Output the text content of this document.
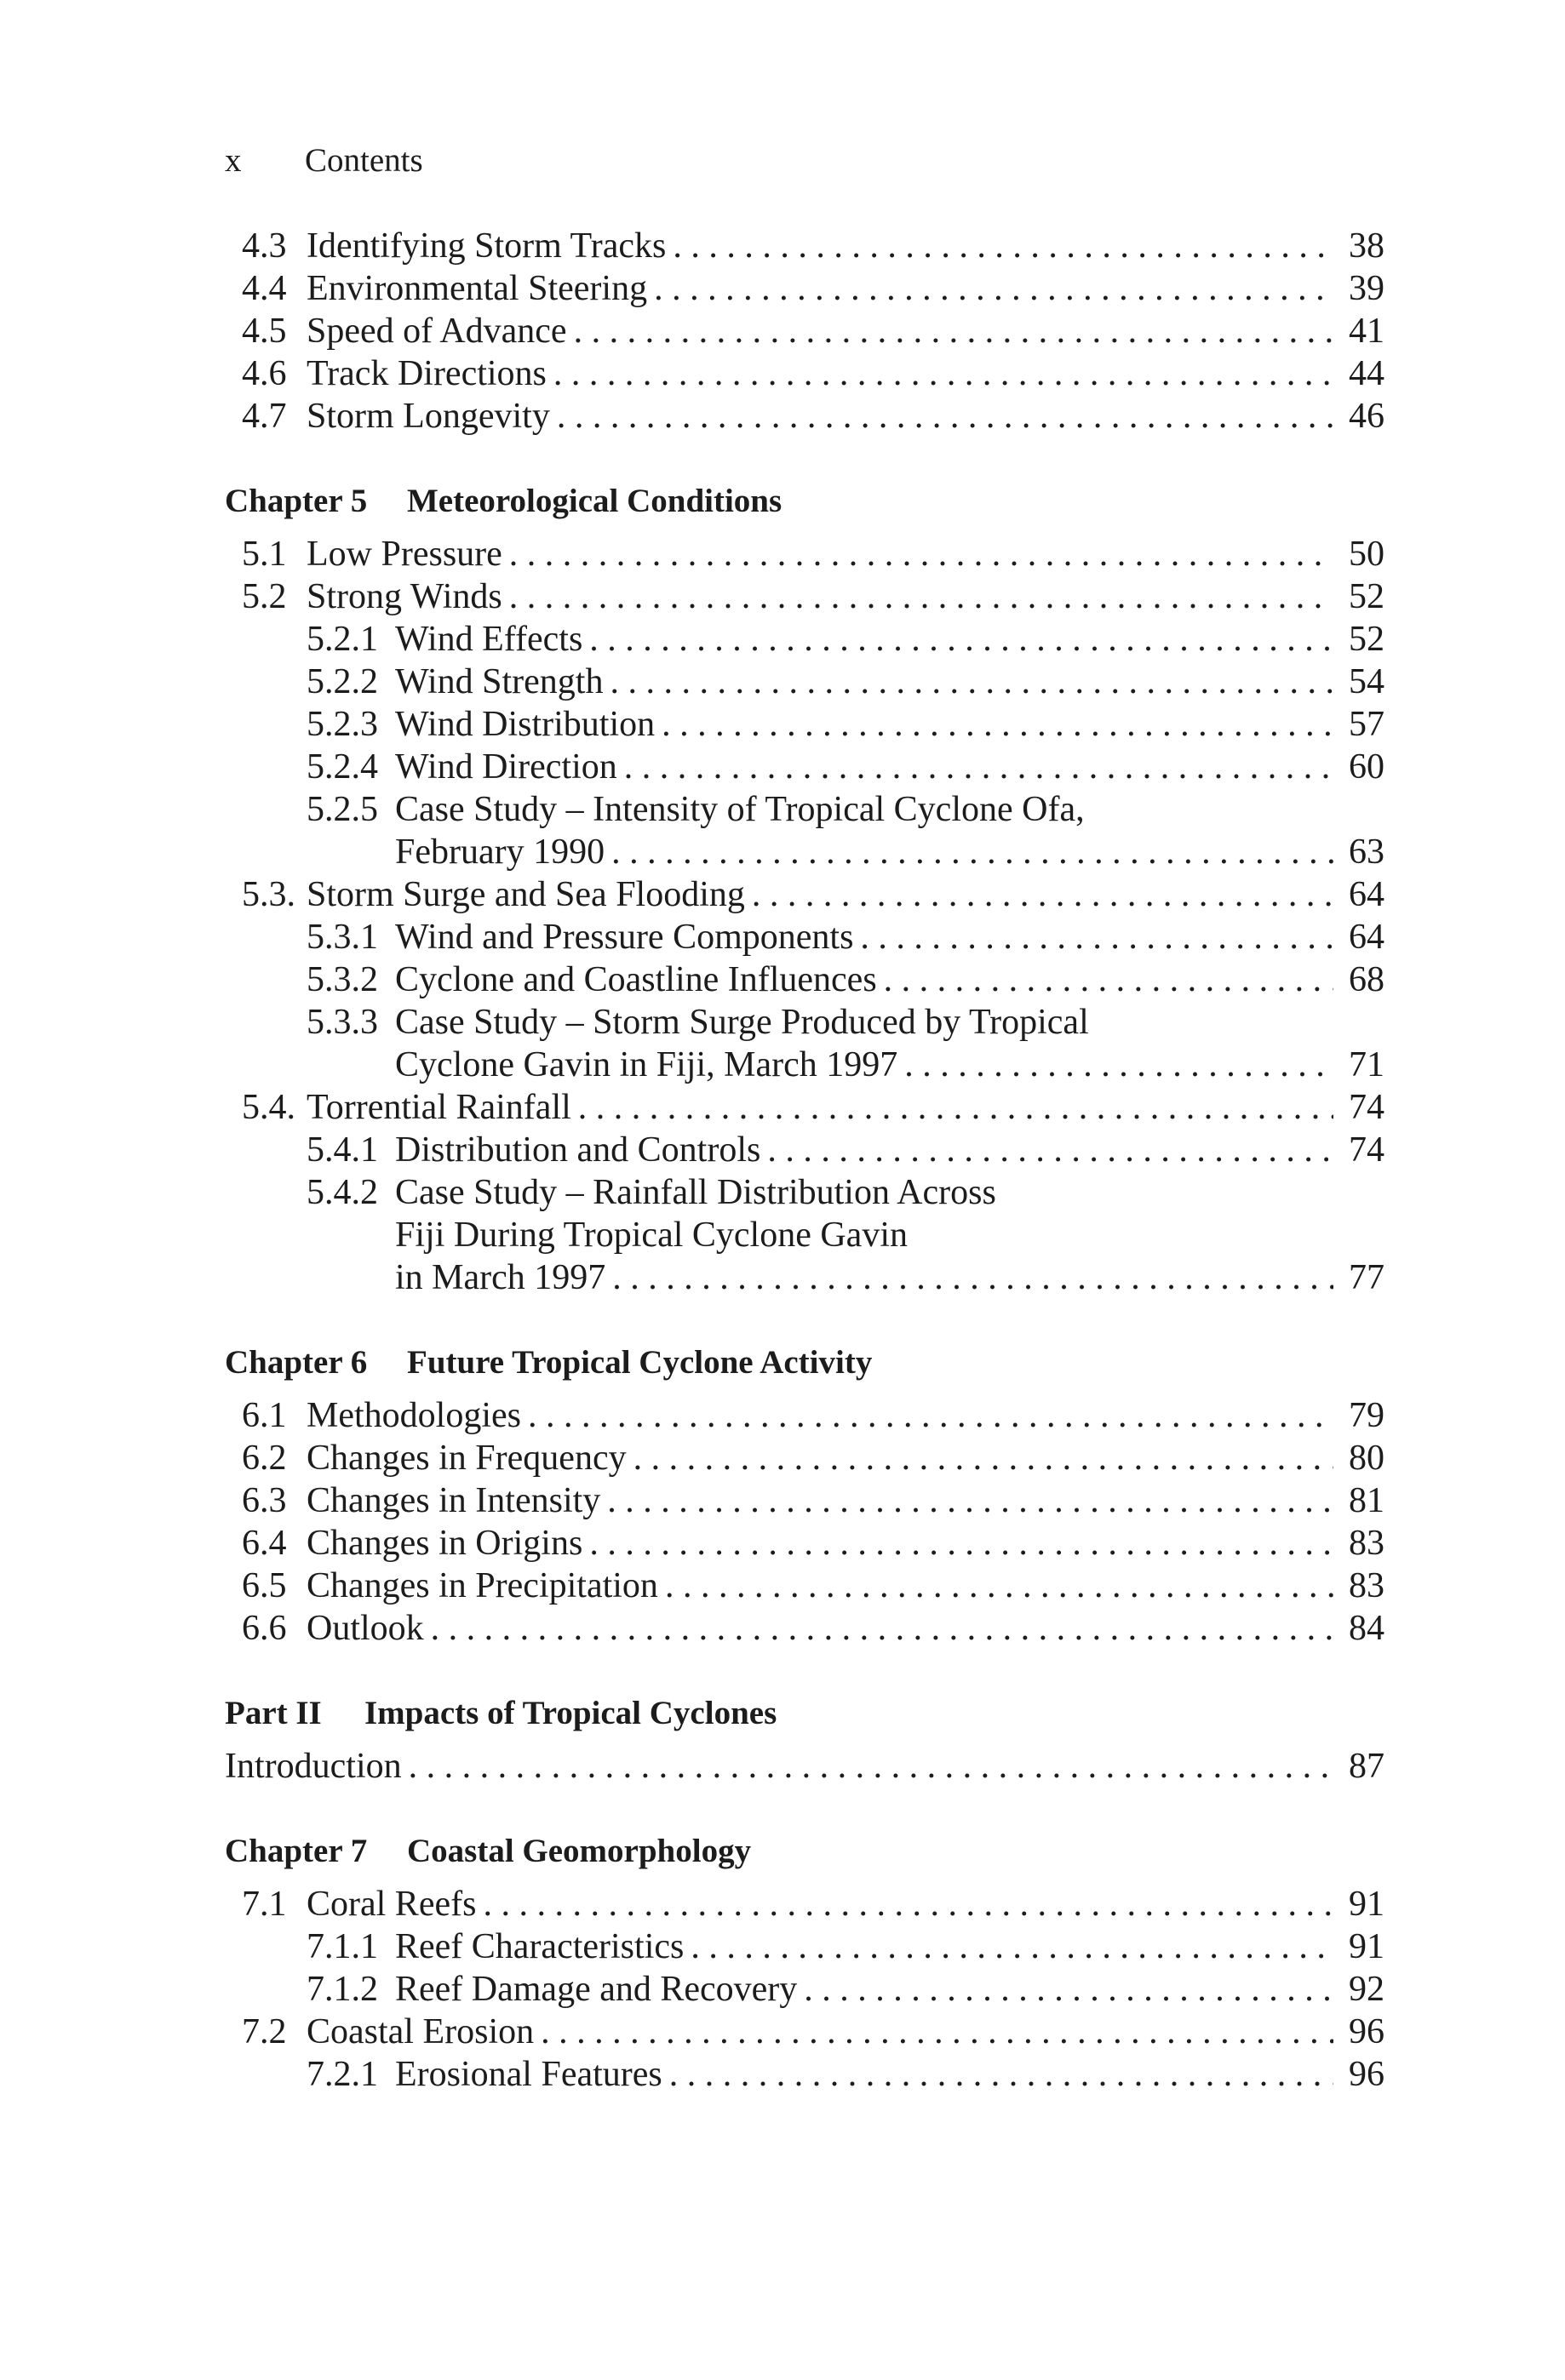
x	Contents
4.3 Identifying Storm Tracks . . .	38
4.4 Environmental Steering . . .	39
4.5 Speed of Advance . . .	41
4.6 Track Directions . . .	44
4.7 Storm Longevity . . .	46
Chapter 5 Meteorological Conditions
5.1 Low Pressure . . .	50
5.2 Strong Winds . . .	52
5.2.1 Wind Effects . . .	52
5.2.2 Wind Strength . . .	54
5.2.3 Wind Distribution . . .	57
5.2.4 Wind Direction . . .	60
5.2.5 Case Study – Intensity of Tropical Cyclone Ofa,
February 1990 . . .	63
5.3. Storm Surge and Sea Flooding . . .	64
5.3.1 Wind and Pressure Components . . .	64
5.3.2 Cyclone and Coastline Influences . . .	68
5.3.3 Case Study – Storm Surge Produced by Tropical
Cyclone Gavin in Fiji, March 1997 . . .	71
5.4. Torrential Rainfall . . .	74
5.4.1 Distribution and Controls . . .	74
5.4.2 Case Study – Rainfall Distribution Across
Fiji During Tropical Cyclone Gavin
in March 1997 . . .	77
Chapter 6 Future Tropical Cyclone Activity
6.1 Methodologies . . .	79
6.2 Changes in Frequency . . .	80
6.3 Changes in Intensity . . .	81
6.4 Changes in Origins . . .	83
6.5 Changes in Precipitation . . .	83
6.6 Outlook . . .	84
Part II Impacts of Tropical Cyclones
Introduction . . .	87
Chapter 7 Coastal Geomorphology
7.1 Coral Reefs . . .	91
7.1.1 Reef Characteristics . . .	91
7.1.2 Reef Damage and Recovery . . .	92
7.2 Coastal Erosion . . .	96
7.2.1 Erosional Features . . .	96
